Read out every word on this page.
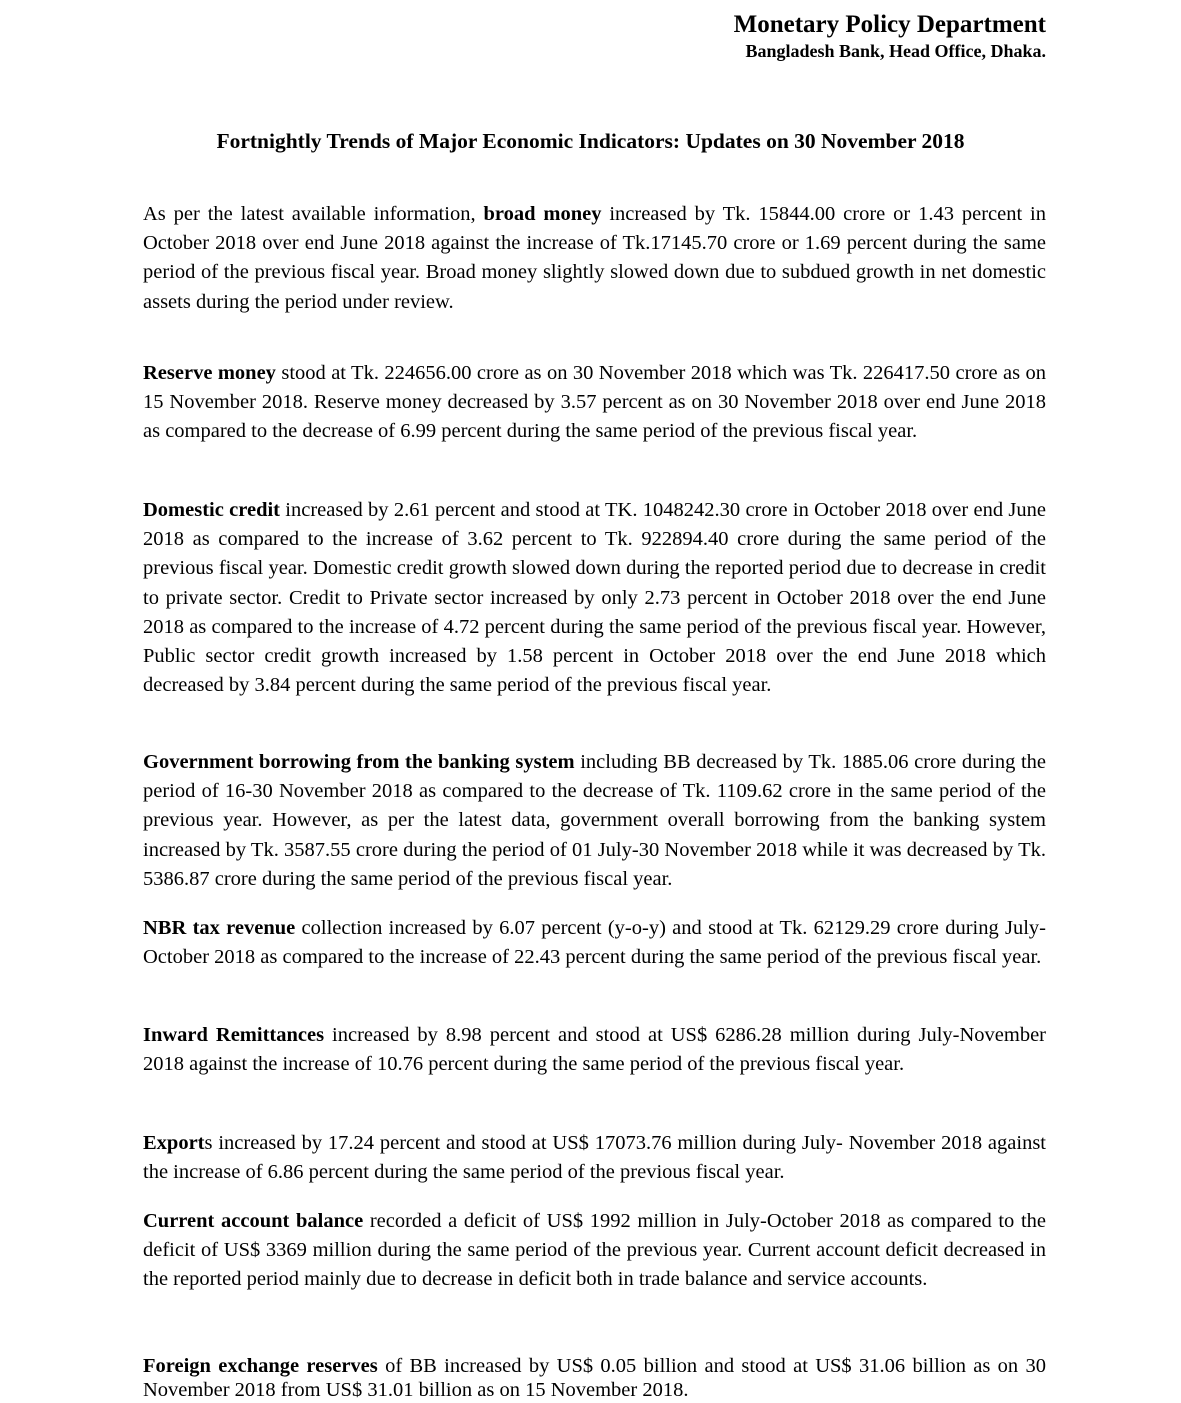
Monetary Policy Department
Bangladesh Bank, Head Office, Dhaka.
Fortnightly Trends of Major Economic Indicators: Updates on 30 November 2018

As per the latest available information, broad money increased by Tk. 15844.00 crore or 1.43 percent in October 2018 over end June 2018 against the increase of Tk.17145.70 crore or 1.69 percent during the same period of the previous fiscal year. Broad money slightly slowed down due to subdued growth in net domestic assets during the period under review.

Reserve money stood at Tk. 224656.00 crore as on 30 November 2018 which was Tk. 226417.50 crore as on 15 November 2018. Reserve money decreased by 3.57 percent as on 30 November 2018 over end June 2018 as compared to the decrease of 6.99 percent during the same period of the previous fiscal year.

Domestic credit increased by 2.61 percent and stood at TK. 1048242.30 crore in October 2018 over end June 2018 as compared to the increase of 3.62 percent to Tk. 922894.40 crore during the same period of the previous fiscal year. Domestic credit growth slowed down during the reported period due to decrease in credit to private sector. Credit to Private sector increased by only 2.73 percent in October 2018 over the end June 2018 as compared to the increase of 4.72 percent during the same period of the previous fiscal year. However, Public sector credit growth increased by 1.58 percent in October 2018 over the end June 2018 which decreased by 3.84 percent during the same period of the previous fiscal year.

Government borrowing from the banking system including BB decreased by Tk. 1885.06 crore during the period of 16-30 November 2018 as compared to the decrease of Tk. 1109.62 crore in the same period of the previous year. However, as per the latest data, government overall borrowing from the banking system increased by Tk. 3587.55 crore during the period of 01 July-30 November 2018 while it was decreased by Tk. 5386.87 crore during the same period of the previous fiscal year.

NBR tax revenue collection increased by 6.07 percent (y-o-y) and stood at Tk. 62129.29 crore during July-October 2018 as compared to the increase of 22.43 percent during the same period of the previous fiscal year.

Inward Remittances increased by 8.98 percent and stood at US$ 6286.28 million during July-November 2018 against the increase of 10.76 percent during the same period of the previous fiscal year.

Exports increased by 17.24 percent and stood at US$ 17073.76 million during July- November 2018 against the increase of 6.86 percent during the same period of the previous fiscal year.

Current account balance recorded a deficit of US$ 1992 million in July-October 2018 as compared to the deficit of US$ 3369 million during the same period of the previous year. Current account deficit decreased in the reported period mainly due to decrease in deficit both in trade balance and service accounts.

Foreign exchange reserves of BB increased by US$ 0.05 billion and stood at US$ 31.06 billion as on 30 November 2018 from US$ 31.01 billion as on 15 November 2018.
